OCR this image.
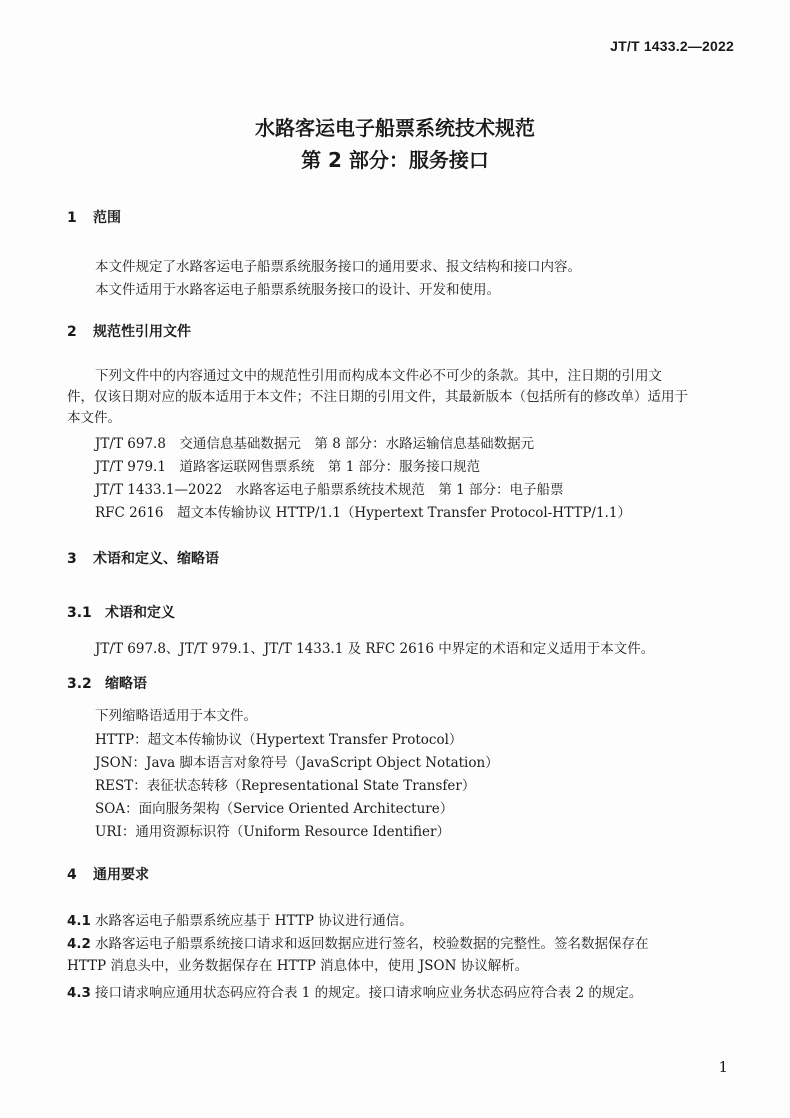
JT/T 1433.2—2022
水路客运电子船票系统技术规范
第 2 部分：服务接口
1 范围
本文件规定了水路客运电子船票系统服务接口的通用要求、报文结构和接口内容。
本文件适用于水路客运电子船票系统服务接口的设计、开发和使用。
2 规范性引用文件
下列文件中的内容通过文中的规范性引用而构成本文件必不可少的条款。其中，注日期的引用文
件，仅该日期对应的版本适用于本文件；不注日期的引用文件，其最新版本（包括所有的修改单）适用于
本文件。
JT/T 697.8　交通信息基础数据元　第 8 部分：水路运输信息基础数据元
JT/T 979.1　道路客运联网售票系统　第 1 部分：服务接口规范
JT/T 1433.1—2022　水路客运电子船票系统技术规范　第 1 部分：电子船票
RFC 2616　超文本传输协议 HTTP/1.1（Hypertext Transfer Protocol-HTTP/1.1）
3 术语和定义、缩略语
3.1 术语和定义
JT/T 697.8、JT/T 979.1、JT/T 1433.1 及 RFC 2616 中界定的术语和定义适用于本文件。
3.2 缩略语
下列缩略语适用于本文件。
HTTP：超文本传输协议（Hypertext Transfer Protocol）
JSON：Java 脚本语言对象符号（JavaScript Object Notation）
REST：表征状态转移（Representational State Transfer）
SOA：面向服务架构（Service Oriented Architecture）
URI：通用资源标识符（Uniform Resource Identifier）
4 通用要求
4.1 水路客运电子船票系统应基于 HTTP 协议进行通信。
4.2 水路客运电子船票系统接口请求和返回数据应进行签名，校验数据的完整性。签名数据保存在
HTTP 消息头中，业务数据保存在 HTTP 消息体中，使用 JSON 协议解析。
4.3 接口请求响应通用状态码应符合表 1 的规定。接口请求响应业务状态码应符合表 2 的规定。
1
